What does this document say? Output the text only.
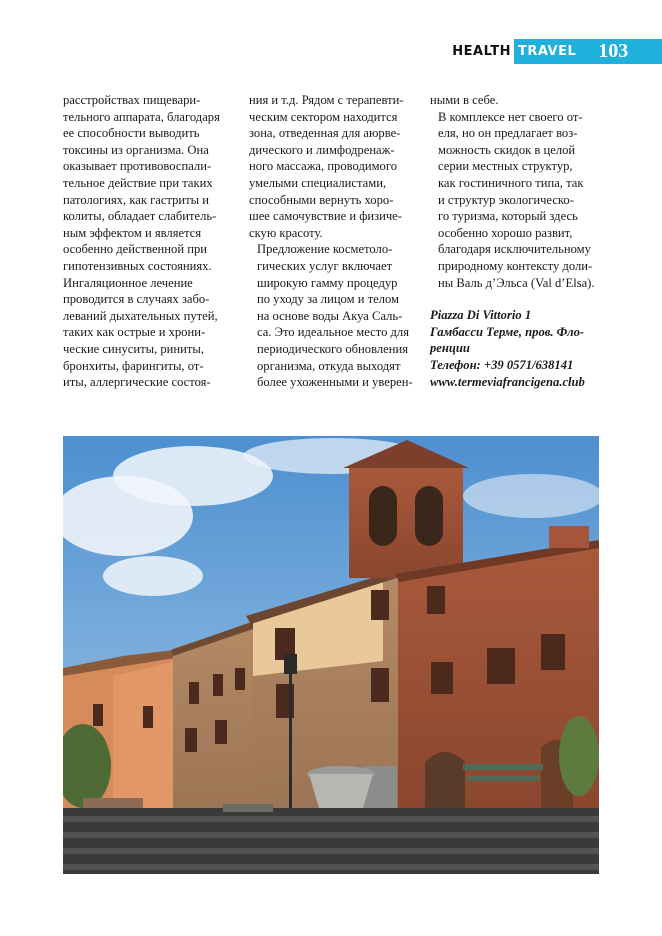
HEALTH TRAVEL 103

расстройствах пищевари-
тельного аппарата, благодаря
ее способности выводить
токсины из организма. Она
оказывает противовоспали-
тельное действие при таких
патологиях, как гастриты и
колиты, обладает слабитель-
ным эффектом и является
особенно действенной при
гипотензивных состояниях.
Ингаляционное лечение
проводится в случаях забо-
леваний дыхательных путей,
таких как острые и хрони-
ческие синуситы, риниты,
бронхиты, фарингиты, от-
иты, аллергические состоя-

ния и т.д. Рядом с терапевти-
ческим сектором находится
зона, отведенная для аюрве-
дического и лимфодренаж-
ного массажа, проводимого
умелыми специалистами,
способными вернуть хоро-
шее самочувствие и физиче-
скую красоту.

Предложение косметоло-
гических услуг включает
широкую гамму процедур
по уходу за лицом и телом
на основе воды Акуа Саль-
са. Это идеальное место для
периодического обновления
организма, откуда выходят
более ухоженными и уверен-

ными в себе.

В комплексе нет своего от-
еля, но он предлагает воз-
можность скидок в целой
серии местных структур,
как гостиничного типа, так
и структур экологическо-
го туризма, который здесь
особенно хорошо развит,
благодаря исключительному
природному контексту доли-
ны Валь д’Эльса (Val d’Elsa).

Piazza Di Vittorio 1
Гамбасси Терме, пров. Фло-
ренции
Телефон: +39 0571/638141
www.termeviafrancigena.club
